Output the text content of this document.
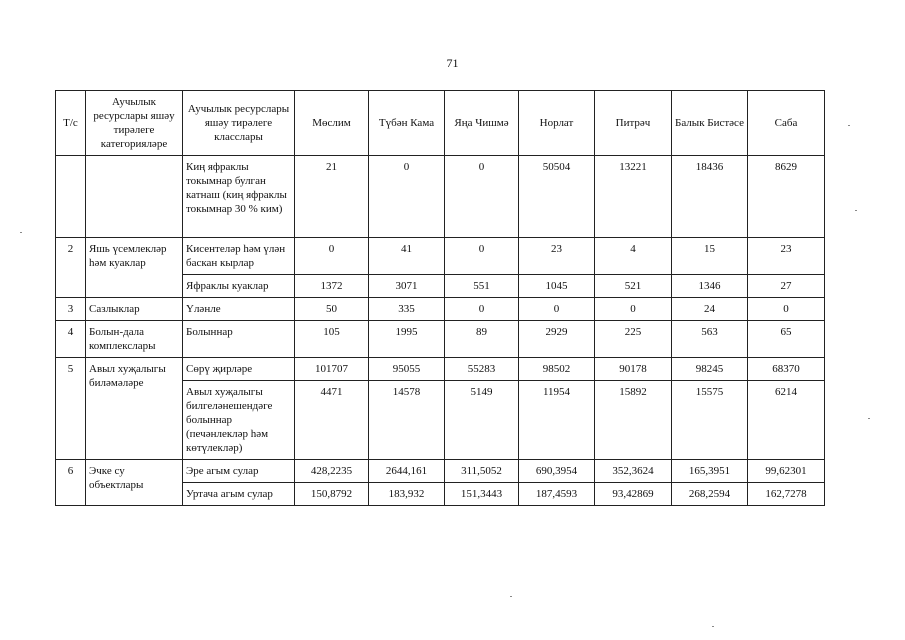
71
Т/с	Аучылык ресурслары яшәу тирәлеге категорияләре	Аучылык ресурслары яшәу тирәлеге класслары	Мөслим	Түбән Кама	Яңа Чишмә	Норлат	Питрәч	Балык Бистәсе	Саба
		Киң яфраклы токымнар булган катнаш (киң яфраклы токымнар 30 % ким)	21	0	0	50504	13221	18436	8629
2	Яшь үсемлекләр һәм куаклар	Кисентеләр һәм үлән баскан кырлар	0	41	0	23	4	15	23
		Яфраклы куаклар	1372	3071	551	1045	521	1346	27
3	Сазлыклар	Үләнле	50	335	0	0	0	24	0
4	Болын-дала комплекслары	Болыннар	105	1995	89	2929	225	563	65
5	Авыл хуҗалыгы биләмәләре	Сөрү җирләре	101707	95055	55283	98502	90178	98245	68370
		Авыл хуҗалыгы билгеләнешендәге болыннар (печәнлекләр һәм көтүлекләр)	4471	14578	5149	11954	15892	15575	6214
6	Эчке су объектлары	Эре агым сулар	428,2235	2644,161	311,5052	690,3954	352,3624	165,3951	99,62301
		Уртача агым сулар	150,8792	183,932	151,3443	187,4593	93,42869	268,2594	162,7278
